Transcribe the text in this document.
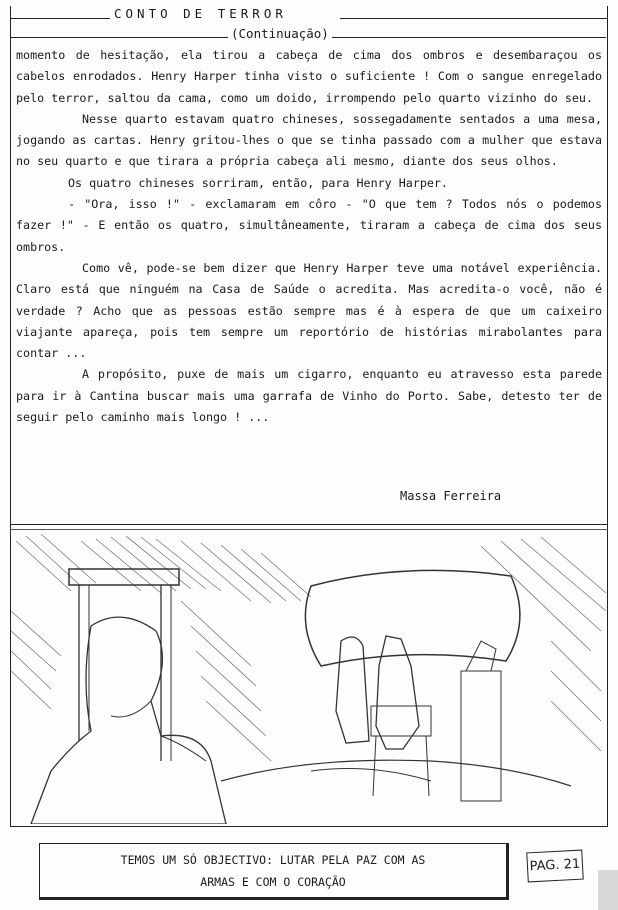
CONTO DE TERROR
(Continuação)

momento de hesitação, ela tirou a cabeça de cima dos ombros e desembaraçou os cabelos enrodados. Henry Harper tinha visto o suficiente ! Com o sangue enregelado pelo terror, saltou da cama, como um doido, irrompendo pelo quarto vizinho do seu.

Nesse quarto estavam quatro chineses, sossegadamente sentados a uma mesa, jogando as cartas. Henry gritou-lhes o que se tinha passado com a mulher que estava no seu quarto e que tirara a própria cabeça ali mesmo, diante dos seus olhos.

Os quatro chineses sorriram, então, para Henry Harper.

- "Ora, isso !" - exclamaram em côro - "O que tem ? Todos nós o podemos fazer !" - E então os quatro, simultâneamente, tiraram a cabeça de cima dos seus ombros.

Como vê, pode-se bem dizer que Henry Harper teve uma notável experiência. Claro está que ninguém na Casa de Saúde o acredita. Mas acredita-o você, não é verdade ? Acho que as pessoas estão sempre mas é à espera de que um caixeiro viajante apareça, pois tem sempre um reportório de histórias mirabolantes para contar ...

A propósito, puxe de mais um cigarro, enquanto eu atravesso esta parede para ir à Cantina buscar mais uma garrafa de Vinho do Porto. Sabe, detesto ter de seguir pelo caminho mais longo ! ...

Massa Ferreira
TEMOS UM SÓ OBJECTIVO: LUTAR PELA PAZ COM AS
ARMAS E COM O CORAÇÃO
PAG. 21
